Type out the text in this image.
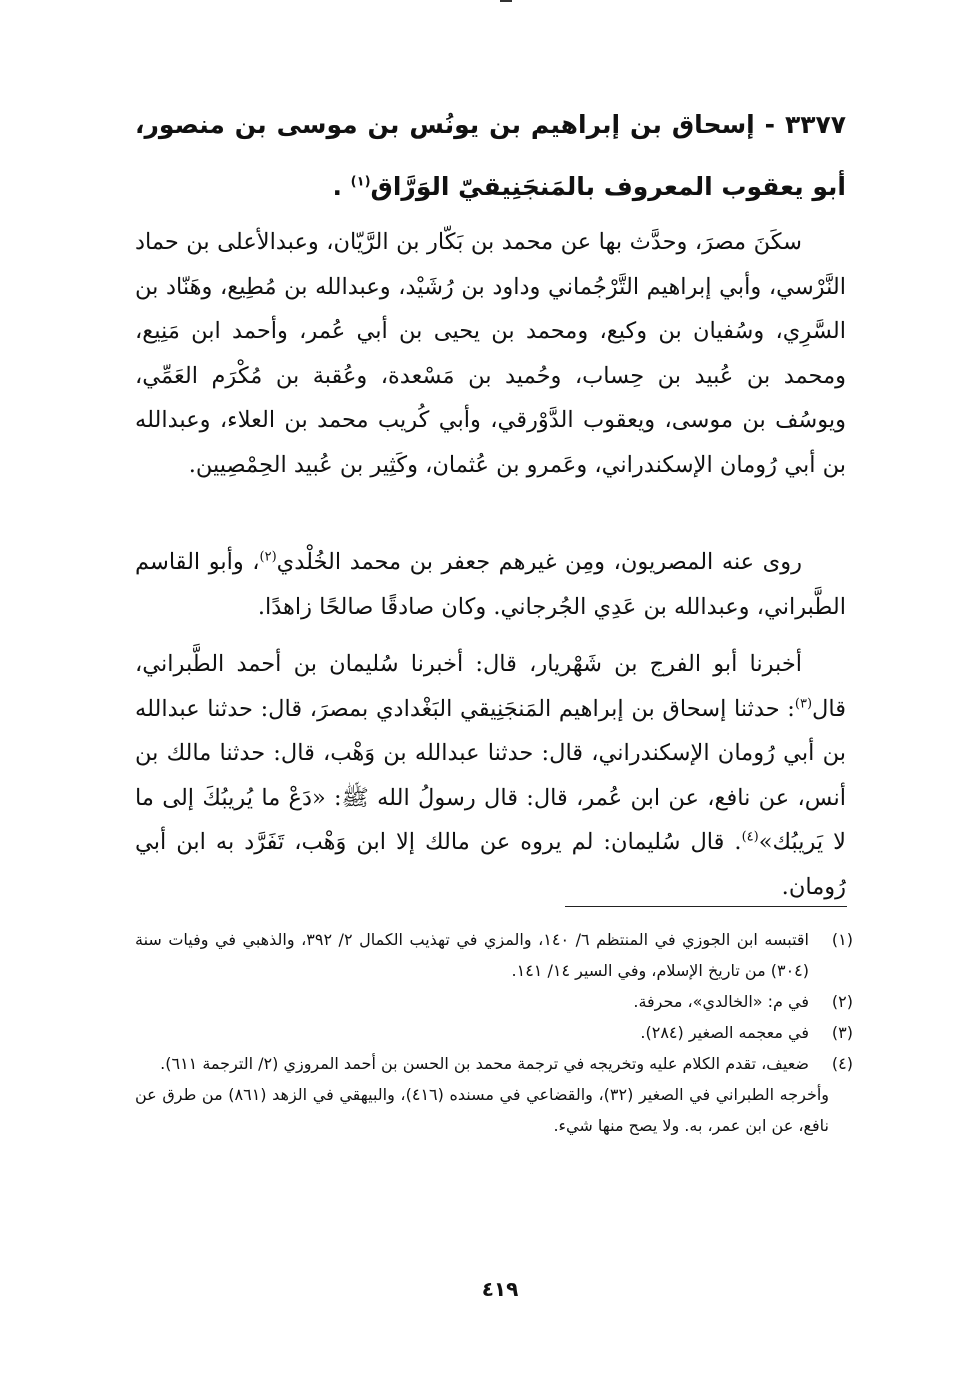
٣٣٧٧ - إسحاق بن إبراهيم بن يونُس بن موسى بن منصور، أبو يعقوب المعروف بالمَنجَنِيقيّ الوَرَّاق$^{(١)}$ .
سكَنَ مصرَ، وحدَّث بها عن محمد بن بَكّار بن الرَّيّان، وعبدالأعلى بن حماد النَّرْسي، وأبي إبراهيم التَّرْجُماني وداود بن رُشَيْد، وعبدالله بن مُطِيع، وهَنّاد بن السَّرِي، وسُفيان بن وكيع، ومحمد بن يحيى بن أبي عُمر، وأحمد ابن مَنِيع، ومحمد بن عُبيد بن حِساب، وحُميد بن مَسْعدة، وعُقبة بن مُكْرَم العَمِّي، ويوسُف بن موسى، ويعقوب الدَّوْرقي، وأبي كُريب محمد بن العلاء، وعبدالله بن أبي رُومان الإسكندراني، وعَمرو بن عُثمان، وكَثِير بن عُبيد الحِمْصِيين.
روى عنه المصريون، ومِن غيرهم جعفر بن محمد الخُلْدي$^{(٢)}$، وأبو القاسم الطَّبراني، وعبدالله بن عَدِي الجُرجاني. وكان صادقًا صالحًا زاهدًا.
أخبرنا أبو الفرج بن شَهْريار، قال: أخبرنا سُليمان بن أحمد الطَّبراني، قال$^{(٣)}$: حدثنا إسحاق بن إبراهيم المَنجَنِيقي البَغْدادي بمصرَ، قال: حدثنا عبدالله بن أبي رُومان الإسكندراني، قال: حدثنا عبدالله بن وَهْب، قال: حدثنا مالك بن أنس، عن نافع، عن ابن عُمر، قال: قال رسولُ الله ﷺ: «دَعْ ما يُريبُكَ إلى ما لا يَريبُك»$^{(٤)}$. قال سُليمان: لم يروه عن مالك إلا ابن وَهْب، تَفَرَّد به ابن أبي رُومان.
(١)
اقتبسه ابن الجوزي في المنتظم ٦/ ١٤٠، والمزي في تهذيب الكمال ٢/ ٣٩٢، والذهبي في وفيات سنة (٣٠٤) من تاريخ الإسلام، وفي السير ١٤/ ١٤١.
(٢)
في م: «الخالدي»، محرفة.
(٣)
في معجمه الصغير (٢٨٤).
(٤)
ضعيف، تقدم الكلام عليه وتخريجه في ترجمة محمد بن الحسن بن أحمد المروزي (٢/ الترجمة ٦١١).
وأخرجه الطبراني في الصغير (٣٢)، والقضاعي في مسنده (٤١٦)، والبيهقي في الزهد (٨٦١) من طرق عن نافع، عن ابن عمر، به. ولا يصح منها شيء.
٤١٩
